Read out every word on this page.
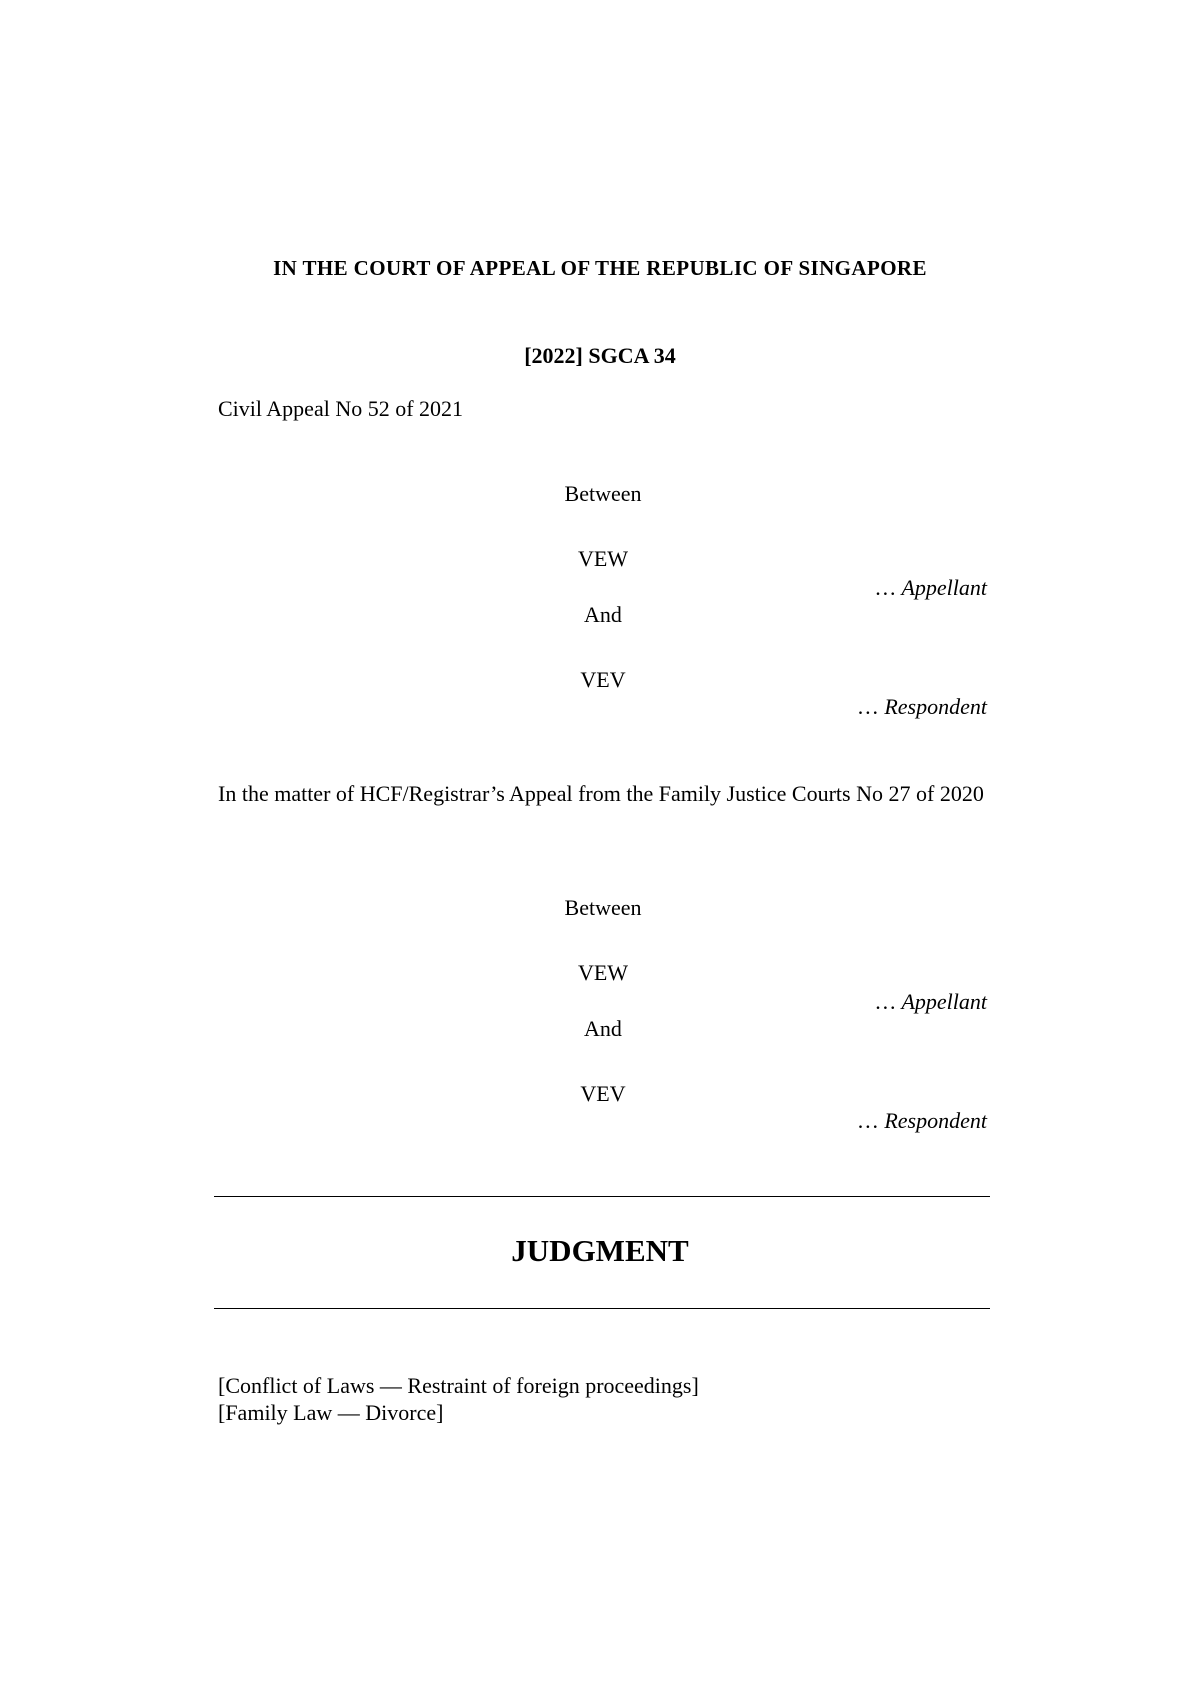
IN THE COURT OF APPEAL OF THE REPUBLIC OF SINGAPORE
[2022] SGCA 34
Civil Appeal No 52 of 2021
Between
VEW
… Appellant
And
VEV
… Respondent
In the matter of HCF/Registrar’s Appeal from the Family Justice Courts No 27 of 2020
Between
VEW
… Appellant
And
VEV
… Respondent
JUDGMENT
[Conflict of Laws — Restraint of foreign proceedings]
[Family Law — Divorce]
